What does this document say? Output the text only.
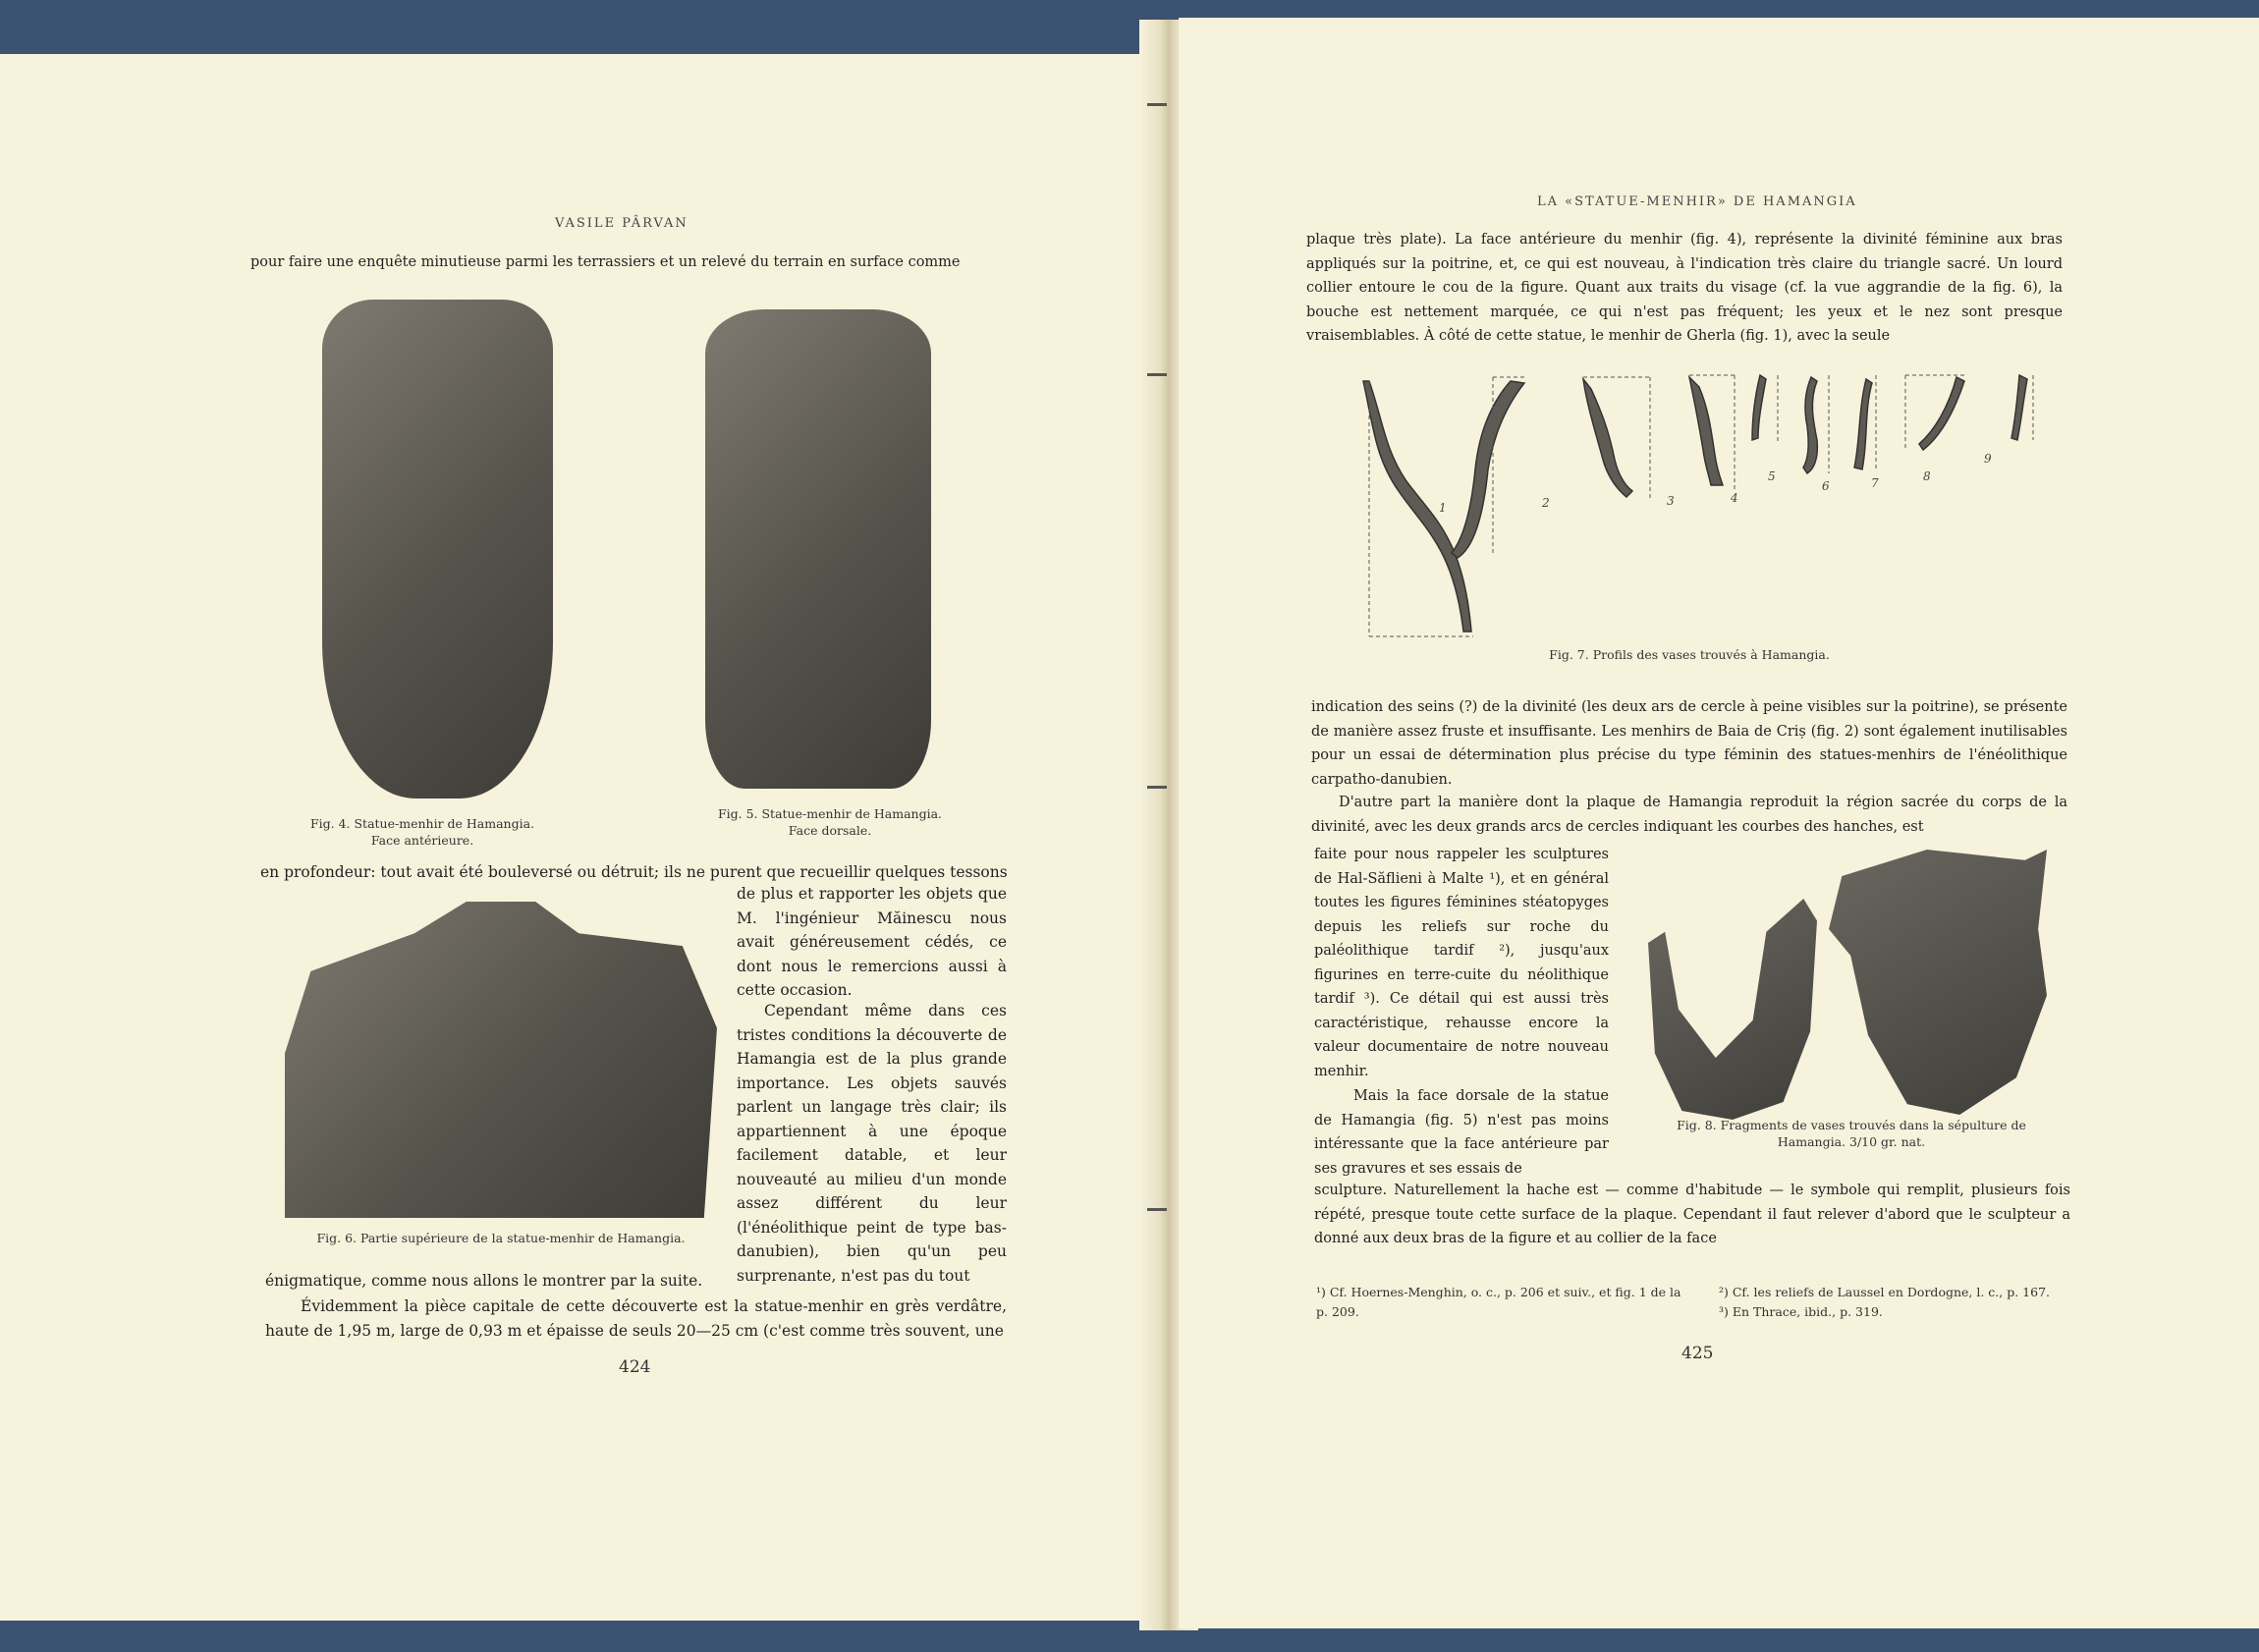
VASILE PÂRVAN
pour faire une enquête minutieuse parmi les terrassiers et un relevé du terrain en surface comme
Fig. 4. Statue-menhir de Hamangia.
Face antérieure.
Fig. 5. Statue-menhir de Hamangia.
Face dorsale.
en profondeur: tout avait été bouleversé ou détruit; ils ne purent que recueillir quelques tessons
Fig. 6. Partie supérieure de la statue-menhir de Hamangia.
de plus et rapporter les objets que M. l'ingénieur Măinescu nous avait généreusement cédés, ce dont nous le remercions aussi à cette occasion.
Cependant même dans ces tristes conditions la découverte de Hamangia est de la plus grande importance. Les objets sauvés parlent un langage très clair; ils appartiennent à une époque facilement datable, et leur nouveauté au milieu d'un monde assez différent du leur (l'énéolithique peint de type bas-danubien), bien qu'un peu surprenante, n'est pas du tout
énigmatique, comme nous allons le montrer par la suite.
Évidemment la pièce capitale de cette découverte est la statue-menhir en grès verdâtre, haute de 1,95 m, large de 0,93 m et épaisse de seuls 20—25 cm (c'est comme très souvent, une
424
LA «STATUE-MENHIR» DE HAMANGIA
plaque très plate). La face antérieure du menhir (fig. 4), représente la divinité féminine aux bras appliqués sur la poitrine, et, ce qui est nouveau, à l'indication très claire du triangle sacré. Un lourd collier entoure le cou de la figure. Quant aux traits du visage (cf. la vue aggrandie de la fig. 6), la bouche est nettement marquée, ce qui n'est pas fréquent; les yeux et le nez sont presque vraisemblables. À côté de cette statue, le menhir de Gherla (fig. 1), avec la seule
1	2	3	4
5
6	7	8
9
Fig. 7. Profils des vases trouvés à Hamangia.
indication des seins (?) de la divinité (les deux ars de cercle à peine visibles sur la poitrine), se présente de manière assez fruste et insuffisante. Les menhirs de Baia de Criș (fig. 2) sont également inutilisables pour un essai de détermination plus précise du type féminin des statues-menhirs de l'énéolithique carpatho-danubien.
D'autre part la manière dont la plaque de Hamangia reproduit la région sacrée du corps de la divinité, avec les deux grands arcs de cercles indiquant les courbes des hanches, est
faite pour nous rappeler les sculptures de Hal-Săflieni à Malte ¹), et en général toutes les figures féminines stéatopyges depuis les reliefs sur roche du paléolithique tardif ²), jusqu'aux figurines en terre-cuite du néolithique tardif ³). Ce détail qui est aussi très caractéristique, rehausse encore la valeur documentaire de notre nouveau menhir.
Mais la face dorsale de la statue de Hamangia (fig. 5) n'est pas moins intéressante que la face antérieure par ses gravures et ses essais de
Fig. 8. Fragments de vases trouvés dans la sépulture de
Hamangia. 3/10 gr. nat.
sculpture. Naturellement la hache est — comme d'habitude — le symbole qui remplit, plusieurs fois répété, presque toute cette surface de la plaque. Cependant il faut relever d'abord que le sculpteur a donné aux deux bras de la figure et au collier de la face
¹) Cf. Hoernes-Menghin, o. c., p. 206 et suiv., et fig. 1 de la p. 209.
²) Cf. les reliefs de Laussel en Dordogne, l. c., p. 167.
³) En Thrace, ibid., p. 319.
425
